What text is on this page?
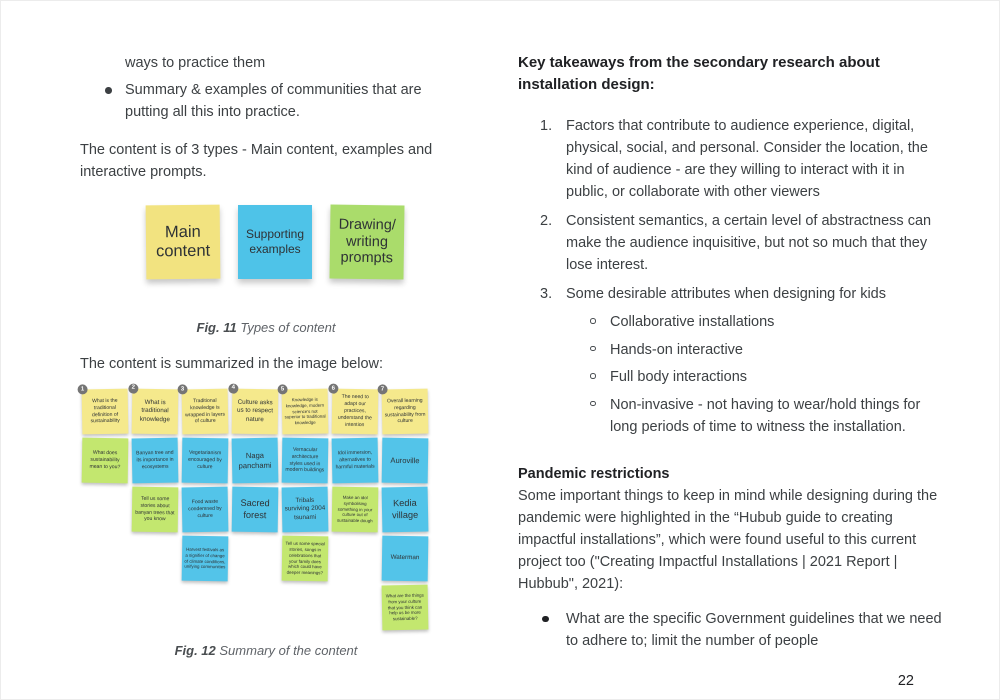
ways to practice them
Summary & examples of communities that are putting all this into practice.

The content is of 3 types - Main content, examples and interactive prompts.

Main content
Supporting examples
Drawing/ writing prompts
Fig. 11 Types of content

The content is summarized in the image below:

1
What is the traditional definition of sustainability
What does sustainability mean to you?
2
What is traditional knowledge
Banyan tree and its importance in ecosystems
Tell us some stories about banyan trees that you know
3
Traditional knowledge is wrapped in layers of culture
Vegetarianism encouraged by culture
Food waste condemned by culture
Harvest festivals as a signifier of change of climate conditions, unifying communities
4
Culture asks us to respect nature
Naga panchami
Sacred forest
5
Knowledge is knowledge, modern science's not superior to traditional knowledge
Vernacular architecture styles used in modern buildings
Tribals surviving 2004 tsunami
Tell us some special stories, songs in celebrations that your family does which could have deeper meanings?
6
The need to adapt our practices, understand the intention
Idol immersion, alternatives to harmful materials
Make an idol symbolising something in your culture out of sustainable dough
7
Overall learning regarding sustainability from culture
Auroville
Kedia village
Waterman
What are the things from your culture that you think can help us be more sustainable?
Fig. 12 Summary of the content
Key takeaways from the secondary research about installation design:
1. Factors that contribute to audience experience, digital, physical, social, and personal. Consider the location, the kind of audience - are they willing to interact with it in public, or collaborate with other viewers
2. Consistent semantics, a certain level of abstractness can make the audience inquisitive, but not so much that they lose interest.
3. Some desirable attributes when designing for kids
Collaborative installations
Hands-on interactive
Full body interactions
Non-invasive - not having to wear/hold things for long periods of time to witness the installation.
Pandemic restrictions

Some important things to keep in mind while designing during the pandemic were highlighted in the “Hubub guide to creating impactful installations”, which were found useful to this current project too ("Creating Impactful Installations | 2021 Report | Hubbub", 2021):

What are the specific Government guidelines that we need to adhere to; limit the number of people
22
